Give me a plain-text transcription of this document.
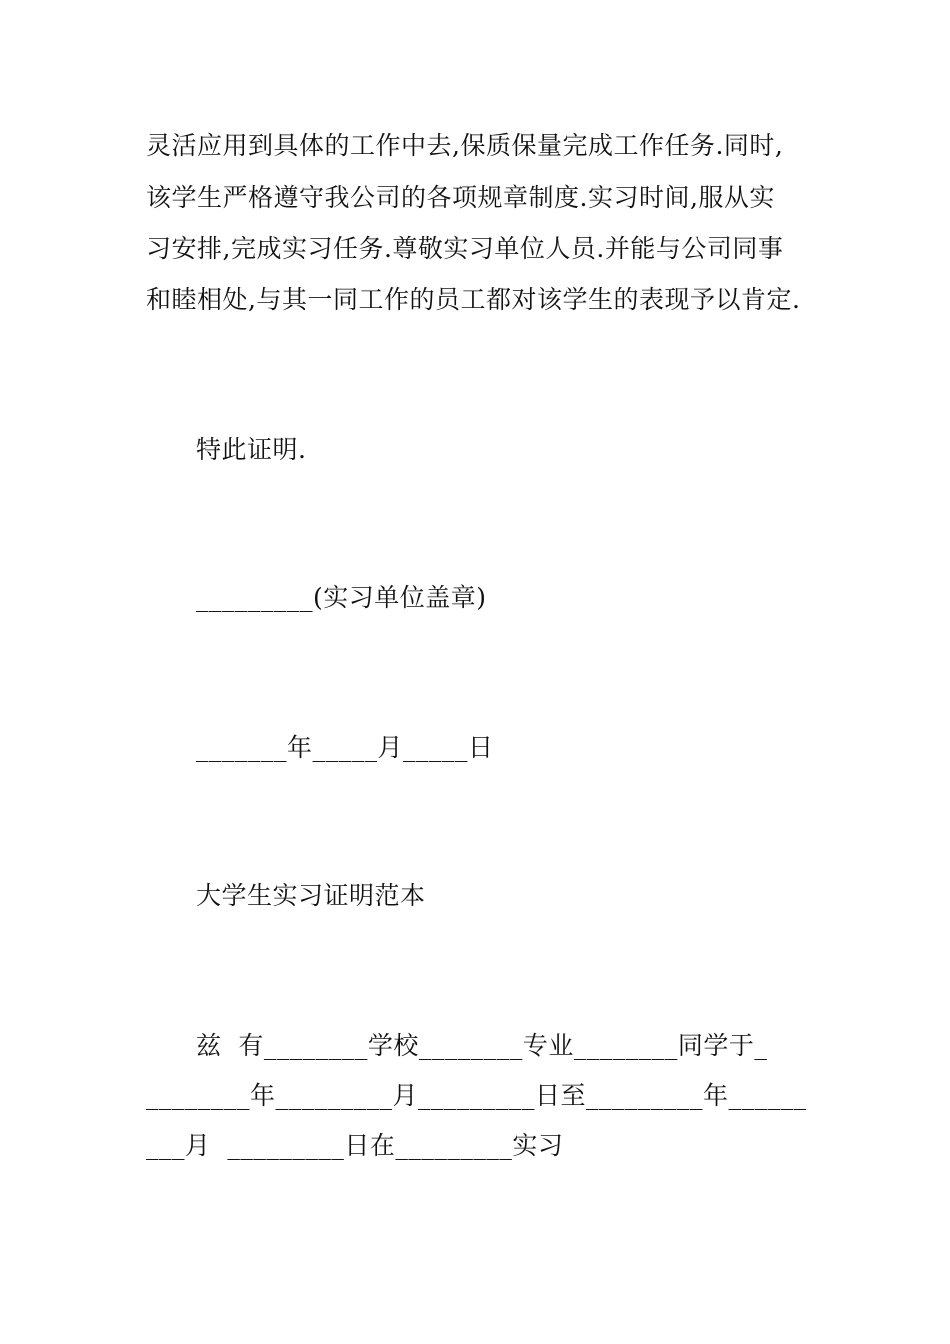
灵活应用到具体的工作中去,保质保量完成工作任务.同时,
该学生严格遵守我公司的各项规章制度.实习时间,服从实
习安排,完成实习任务.尊敬实习单位人员.并能与公司同事
和睦相处,与其一同工作的员工都对该学生的表现予以肯定.
特此证明.
_________(实习单位盖章)
_______年_____月_____日
大学生实习证明范本
兹  有________学校________专业________同学于_
________年_________月_________日至_________年______
___月  _________日在_________实习
